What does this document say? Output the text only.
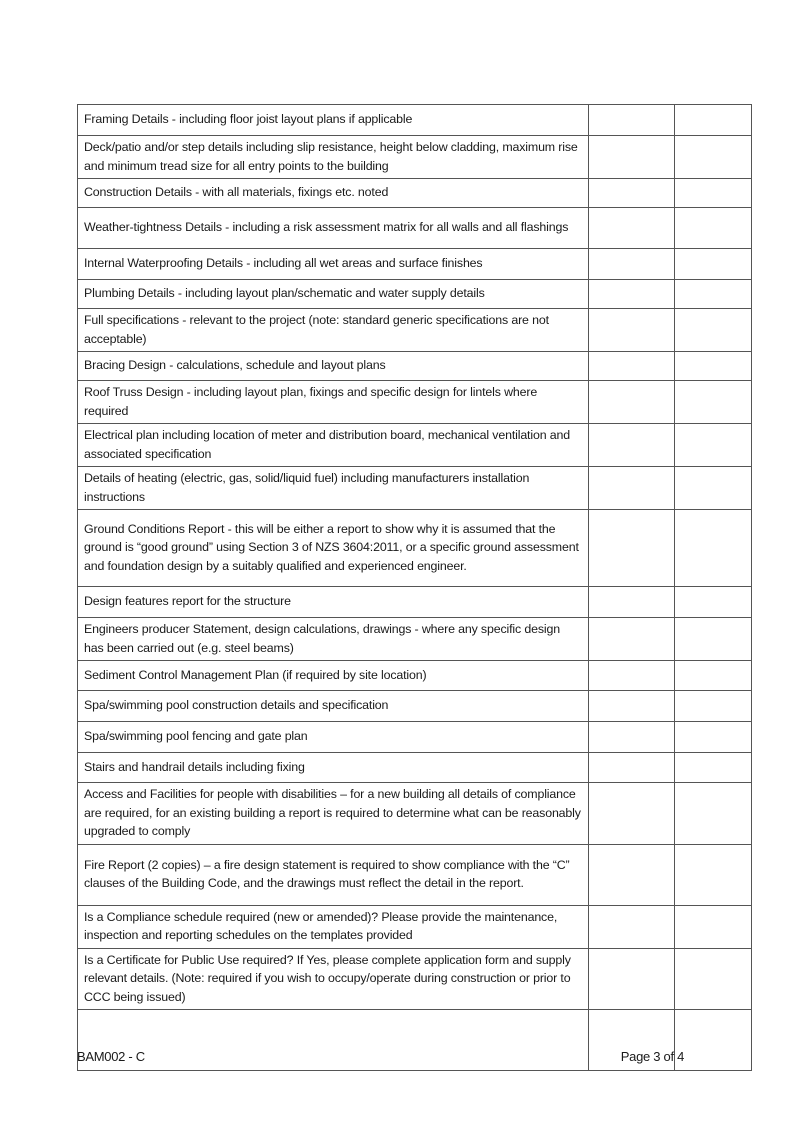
Framing Details - including floor joist layout plans if applicable		
Deck/patio and/or step details including slip resistance, height below cladding, maximum rise and minimum tread size for all entry points to the building		
Construction Details - with all materials, fixings etc. noted		
Weather-tightness Details - including a risk assessment matrix for all walls and all flashings		
Internal Waterproofing Details - including all wet areas and surface finishes		
Plumbing Details - including layout plan/schematic and water supply details		
Full specifications - relevant to the project (note: standard generic specifications are not acceptable)		
Bracing Design - calculations, schedule and layout plans		
Roof Truss Design - including layout plan, fixings and specific design for lintels where required		
Electrical plan including location of meter and distribution board, mechanical ventilation and associated specification		
Details of heating (electric, gas, solid/liquid fuel) including manufacturers installation instructions		
Ground Conditions Report - this will be either a report to show why it is assumed that the ground is “good ground” using Section 3 of NZS 3604:2011, or a specific ground assessment and foundation design by a suitably qualified and experienced engineer.		
Design features report for the structure		
Engineers producer Statement, design calculations, drawings - where any specific design has been carried out (e.g. steel beams)		
Sediment Control Management Plan (if required by site location)		
Spa/swimming pool construction details and specification		
Spa/swimming pool fencing and gate plan		
Stairs and handrail details including fixing		
Access and Facilities for people with disabilities – for a new building all details of compliance are required, for an existing building a report is required to determine what can be reasonably upgraded to comply		
Fire Report (2 copies) – a fire design statement is required to show compliance with the “C” clauses of the Building Code, and the drawings must reflect the detail in the report.		
Is a Compliance schedule required (new or amended)? Please provide the maintenance, inspection and reporting schedules on the templates provided		
Is a Certificate for Public Use required? If Yes, please complete application form and supply relevant details. (Note: required if you wish to occupy/operate during construction or prior to CCC being issued)		

BAM002 - C	Page 3 of 4
